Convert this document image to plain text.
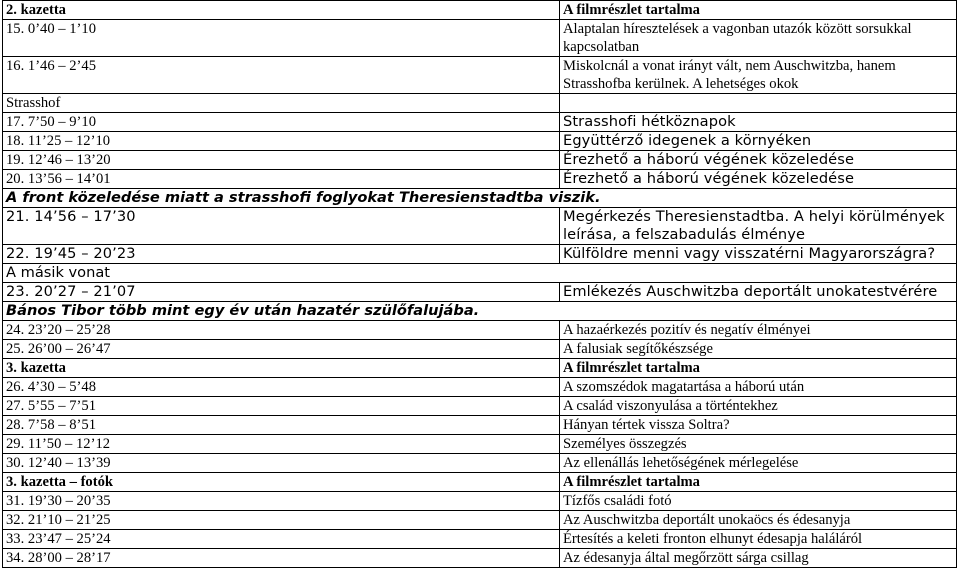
2. kazetta	A filmrészlet tartalma
15. 0’40 – 1’10	Alaptalan híresztelések a vagonban utazók között sorsukkal kapcsolatban
16. 1’46 – 2’45	Miskolcnál a vonat irányt vált, nem Auschwitzba, hanem Strasshofba kerülnek. A lehetséges okok
Strasshof	
17. 7’50 – 9’10	Strasshofi hétköznapok
18. 11’25 – 12’10	Együttérző idegenek a környéken
19. 12’46 – 13’20	Érezhető a háború végének közeledése
20. 13’56 – 14’01	Érezhető a háború végének közeledése
A front közeledése miatt a strasshofi foglyokat Theresienstadtba viszik.	
21. 14’56 – 17’30	Megérkezés Theresienstadtba. A helyi körülmények leírása, a felszabadulás élménye
22. 19’45 – 20’23	Külföldre menni vagy visszatérni Magyarországra?
A másik vonat	
23. 20’27 – 21’07	Emlékezés Auschwitzba deportált unokatestvérére
Bános Tibor több mint egy év után hazatér szülőfalujába.	
24. 23’20 – 25’28	A hazaérkezés pozitív és negatív élményei
25. 26’00 – 26’47	A falusiak segítőkészsége
3. kazetta	A filmrészlet tartalma
26. 4’30 – 5’48	A szomszédok magatartása a háború után
27. 5’55 – 7’51	A család viszonyulása a történtekhez
28. 7’58 – 8’51	Hányan tértek vissza Soltra?
29. 11’50 – 12’12	Személyes összegzés
30. 12’40 – 13’39	Az ellenállás lehetőségének mérlegelése
3. kazetta – fotók	A filmrészlet tartalma
31. 19’30 – 20’35	Tízfős családi fotó
32. 21’10 – 21’25	Az Auschwitzba deportált unokaöcs és édesanyja
33. 23’47 – 25’24	Értesítés a keleti fronton elhunyt édesapja haláláról
34. 28’00 – 28’17	Az édesanyja által megőrzött sárga csillag
